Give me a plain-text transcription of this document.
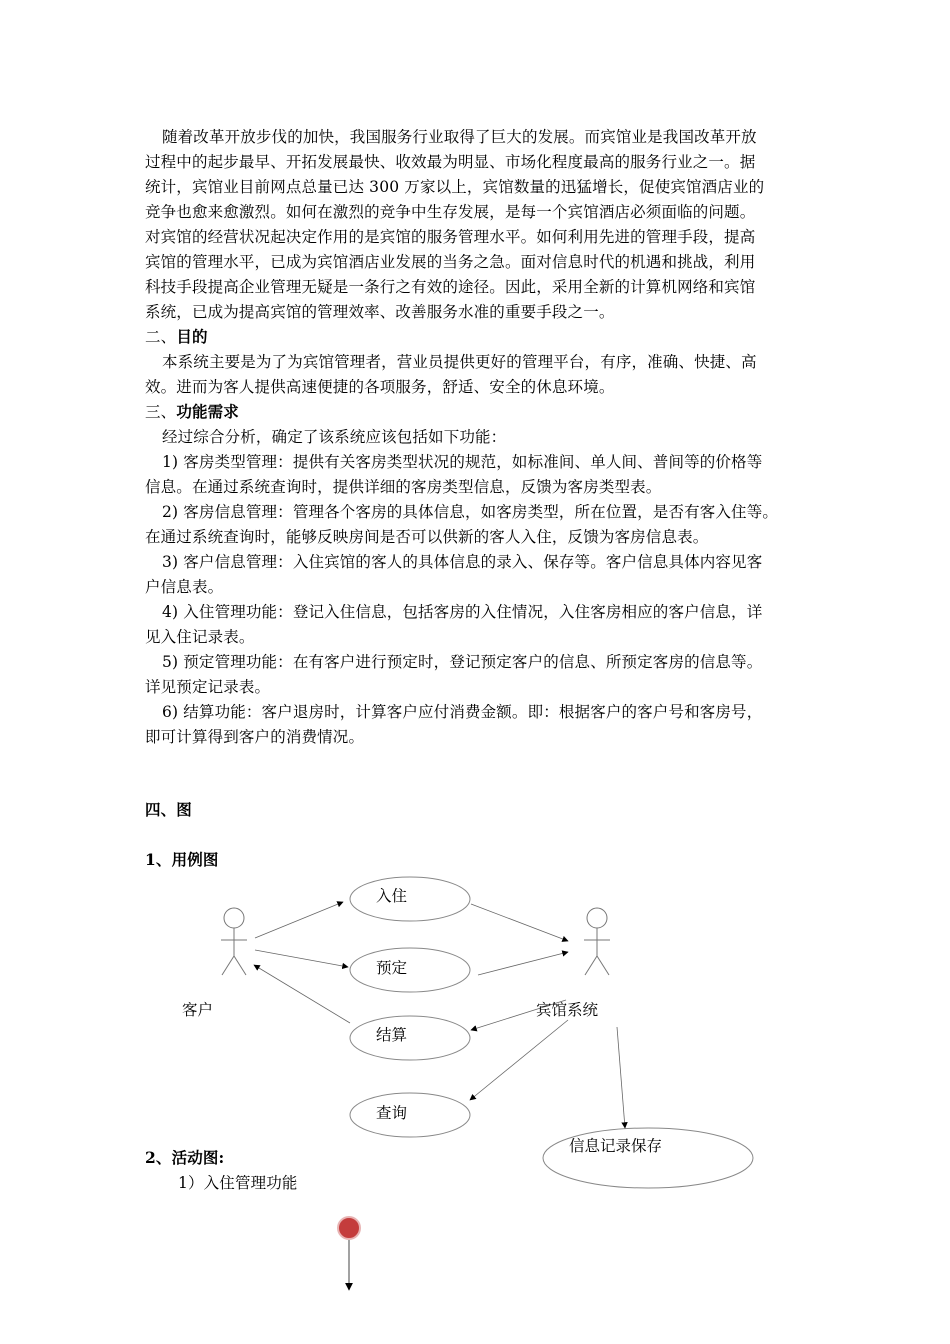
随着改革开放步伐的加快，我国服务行业取得了巨大的发展。而宾馆业是我国改革开放
过程中的起步最早、开拓发展最快、收效最为明显、市场化程度最高的服务行业之一。据
统计，宾馆业目前网点总量已达 300 万家以上，宾馆数量的迅猛增长，促使宾馆酒店业的
竞争也愈来愈激烈。如何在激烈的竞争中生存发展，是每一个宾馆酒店必须面临的问题。
对宾馆的经营状况起决定作用的是宾馆的服务管理水平。如何利用先进的管理手段，提高
宾馆的管理水平，已成为宾馆酒店业发展的当务之急。面对信息时代的机遇和挑战，利用
科技手段提高企业管理无疑是一条行之有效的途径。因此，采用全新的计算机网络和宾馆
系统，已成为提高宾馆的管理效率、改善服务水准的重要手段之一。
二、目的
本系统主要是为了为宾馆管理者，营业员提供更好的管理平台，有序，准确、快捷、高
效。进而为客人提供高速便捷的各项服务，舒适、安全的休息环境。
三、功能需求
经过综合分析，确定了该系统应该包括如下功能：
1) 客房类型管理：提供有关客房类型状况的规范，如标准间、单人间、普间等的价格等
信息。在通过系统查询时，提供详细的客房类型信息，反馈为客房类型表。
2) 客房信息管理：管理各个客房的具体信息，如客房类型，所在位置，是否有客入住等。
在通过系统查询时，能够反映房间是否可以供新的客人入住，反馈为客房信息表。
3) 客户信息管理：入住宾馆的客人的具体信息的录入、保存等。客户信息具体内容见客
户信息表。
4) 入住管理功能：登记入住信息，包括客房的入住情况，入住客房相应的客户信息，详
见入住记录表。
5) 预定管理功能：在有客户进行预定时，登记预定客户的信息、所预定客房的信息等。
详见预定记录表。
6) 结算功能：客户退房时，计算客户应付消费金额。即：根据客户的客户号和客房号，
即可计算得到客户的消费情况。
四、图
1、用例图
客户	宾馆系统
入住
预定
结算
查询
信息记录保存
2、活动图:
1）入住管理功能
